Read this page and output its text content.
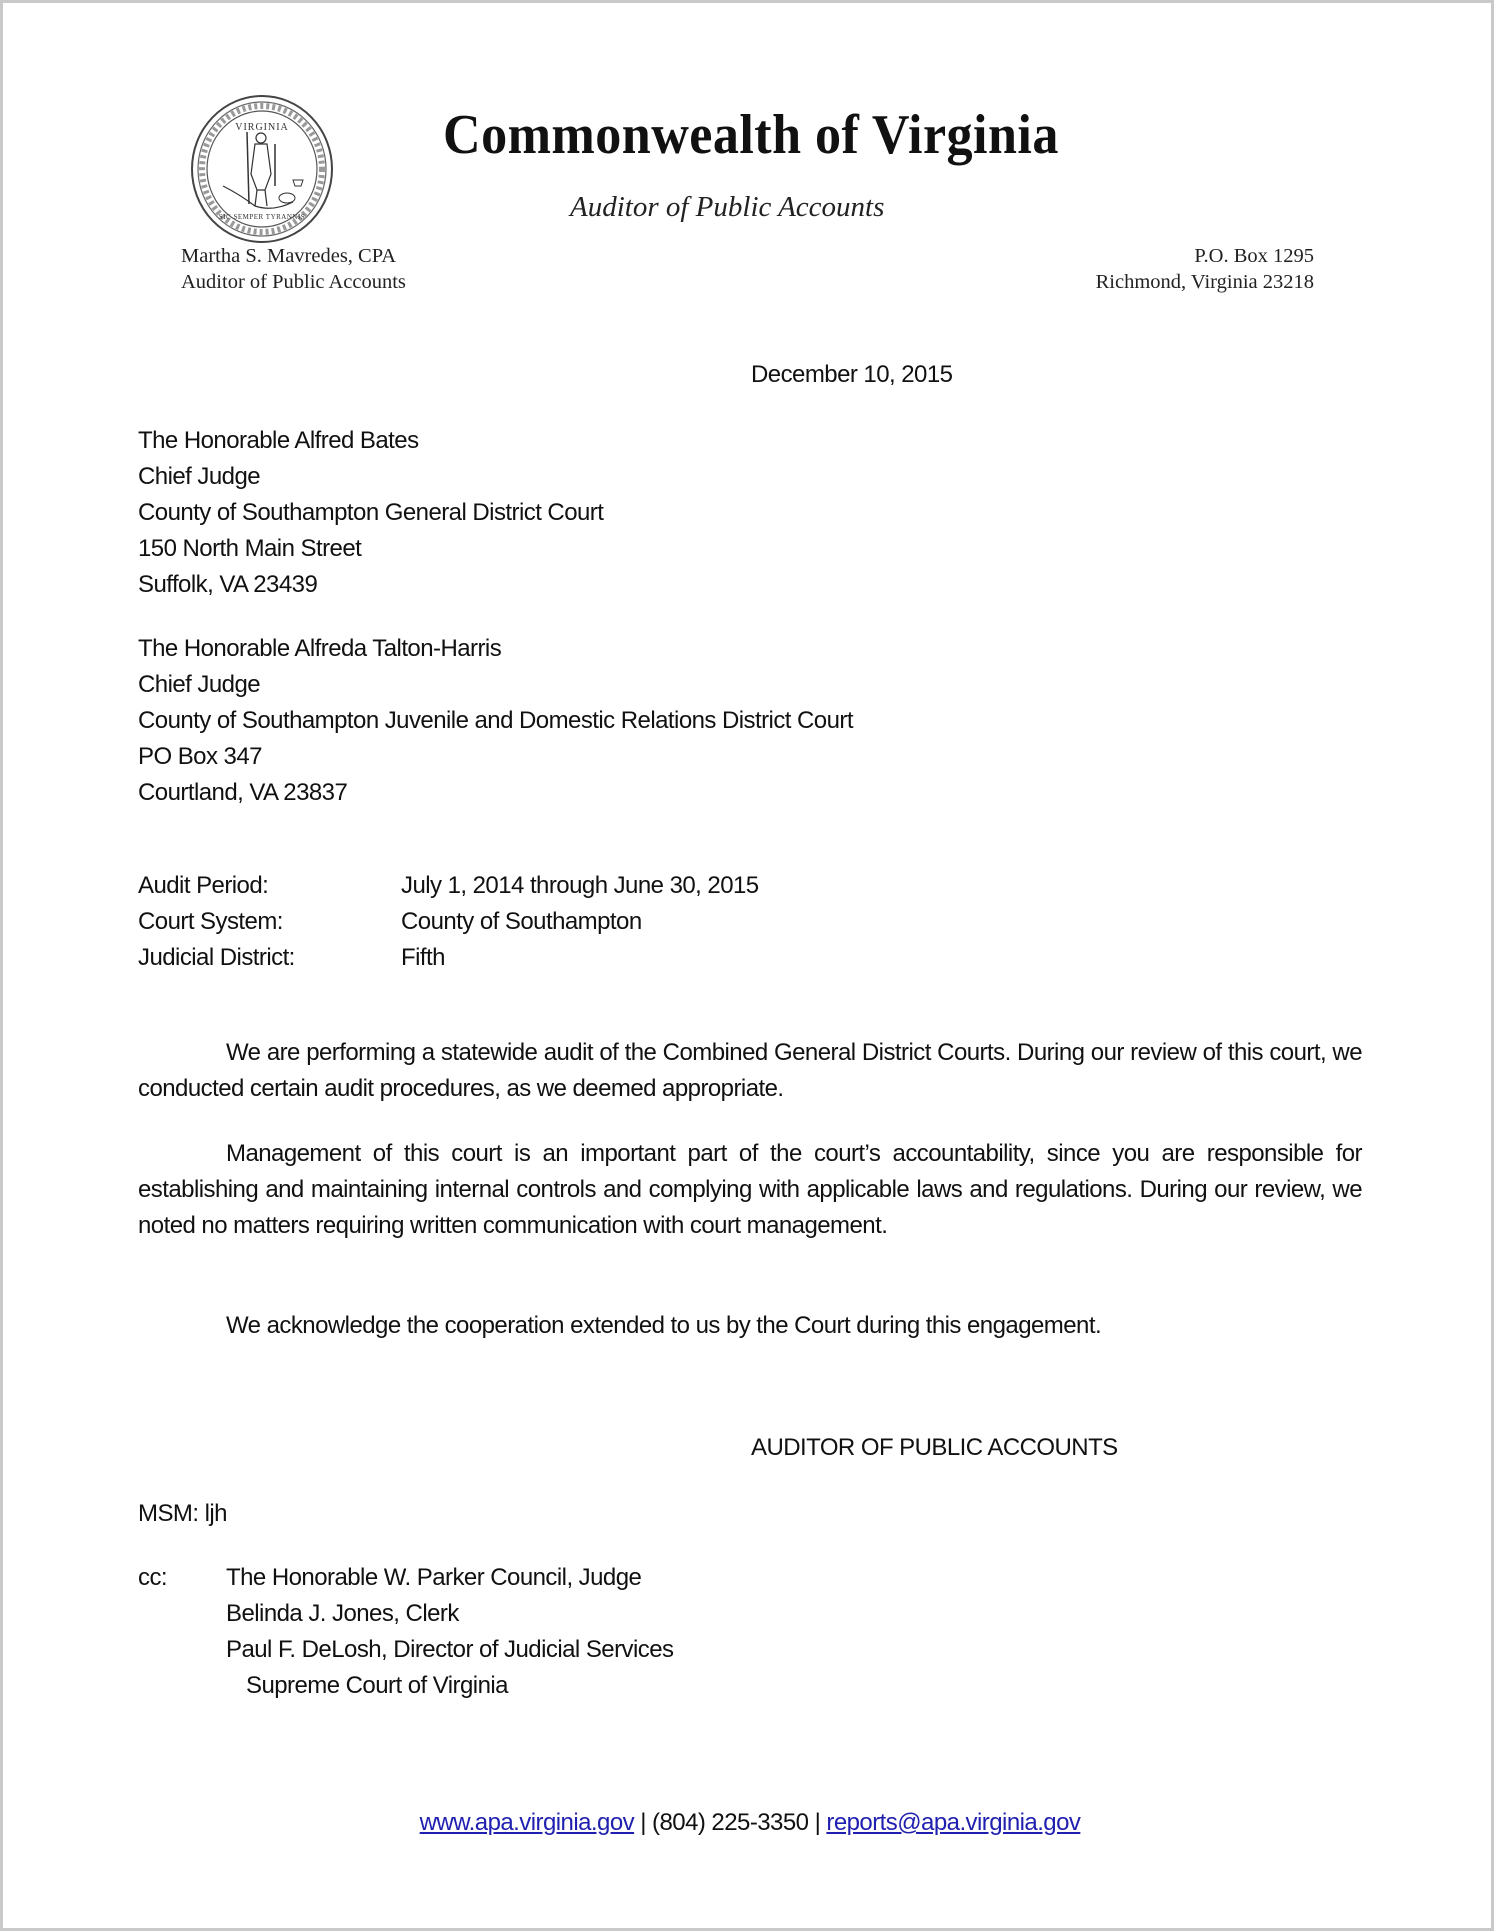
VIRGINIA
SIC SEMPER TYRANNIS
Commonwealth of Virginia
Auditor of Public Accounts
Martha S. Mavredes, CPA
Auditor of Public Accounts
P.O. Box 1295
Richmond, Virginia 23218
December 10, 2015
The Honorable Alfred Bates
Chief Judge
County of Southampton General District Court
150 North Main Street
Suffolk, VA 23439
The Honorable Alfreda Talton-Harris
Chief Judge
County of Southampton Juvenile and Domestic Relations District Court
PO Box 347
Courtland, VA 23837
Audit Period:	July 1, 2014 through June 30, 2015
Court System:	County of Southampton
Judicial District:	Fifth
We are performing a statewide audit of the Combined General District Courts. During our review of this court, we conducted certain audit procedures, as we deemed appropriate.
Management of this court is an important part of the court’s accountability, since you are responsible for establishing and maintaining internal controls and complying with applicable laws and regulations. During our review, we noted no matters requiring written communication with court management.
We acknowledge the cooperation extended to us by the Court during this engagement.
AUDITOR OF PUBLIC ACCOUNTS
MSM: ljh
cc:	The Honorable W. Parker Council, Judge
Belinda J. Jones, Clerk
Paul F. DeLosh, Director of Judicial Services
Supreme Court of Virginia
www.apa.virginia.gov | (804) 225-3350 | reports@apa.virginia.gov
